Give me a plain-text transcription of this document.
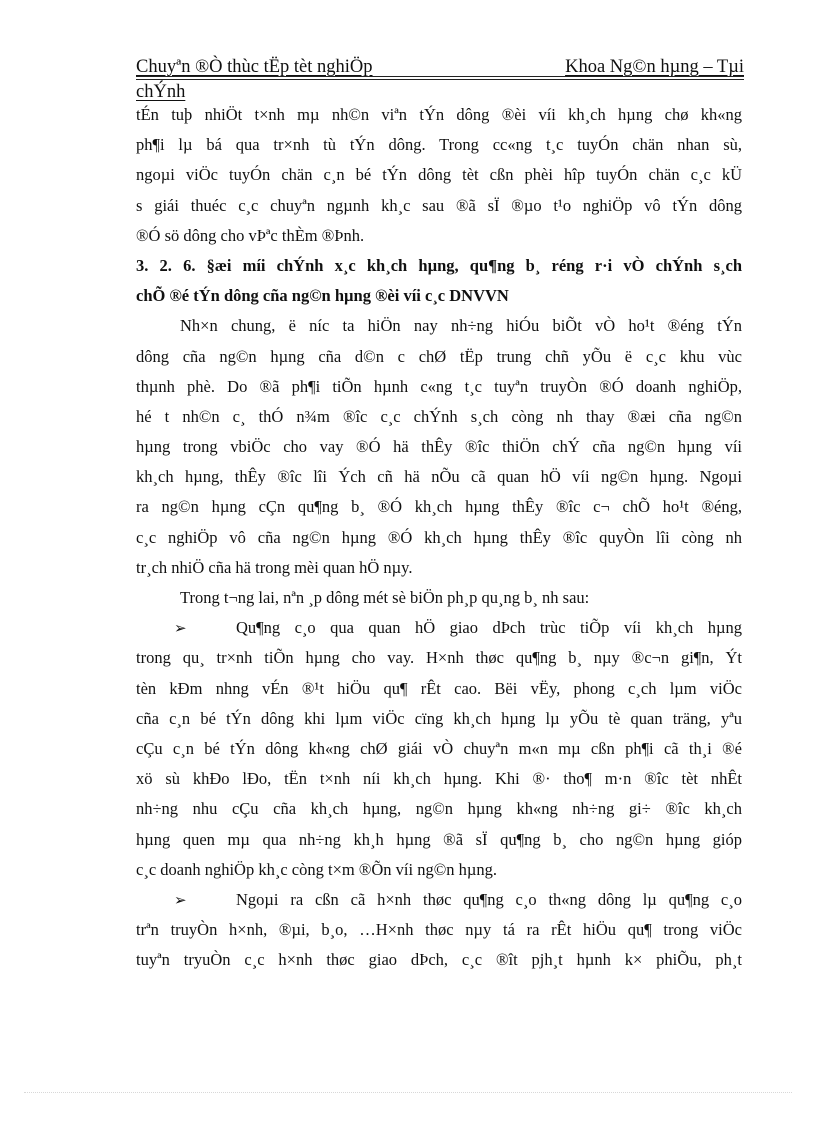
Chuyªn ®Ò thùc tËp tèt nghiÖp	Khoa Ng©n hµng – Tµi
chÝnh
tÉn tuþ nhiÖt t×nh mµ nh©n viªn tÝn dông ®èi víi kh¸ch hµng chø kh«ng
ph¶i lµ bá qua tr×nh tù tÝn dông. Trong cc«ng t¸c tuyÓn chän nhan sù,
ngoµi viÖc tuyÓn chän c¸n bé tÝn dông tèt cßn phèi hîp tuyÓn chän c¸c kÜ
s giái thuéc c¸c chuyªn ngµnh kh¸c sau ®ã sÏ ®µo t¹o nghiÖp vô tÝn dông
®Ó sö dông cho vÞªc thÈm ®Þnh.
3. 2. 6. §æi míi chÝnh x¸c kh¸ch hµng, qu¶ng b¸ réng r·i vÒ chÝnh s¸ch
chÕ ®é tÝn dông cña ng©n hµng ®èi víi c¸c DNVVN
Nh×n chung, ë níc ta hiÖn nay nh÷ng hiÓu biÕt vÒ ho¹t ®éng tÝn
dông cña ng©n hµng cña d©n c chØ tËp trung chñ yÕu ë c¸c khu vùc
thµnh phè. Do ®ã ph¶i tiÕn hµnh c«ng t¸c tuyªn truyÒn ®Ó doanh nghiÖp,
hé t nh©n c¸ thÓ n¾m ®îc c¸c chÝnh s¸ch còng nh thay ®æi cña ng©n
hµng trong vbiÖc cho vay ®Ó hä thÊy ®îc thiÖn chÝ cña ng©n hµng víi
kh¸ch hµng, thÊy ®îc lîi Ých cñ hä nÕu cã quan hÖ víi ng©n hµng. Ngoµi
ra ng©n hµng cÇn qu¶ng b¸ ®Ó kh¸ch hµng thÊy ®îc c¬ chÕ ho¹t ®éng,
c¸c nghiÖp vô cña ng©n hµng ®Ó kh¸ch hµng thÊy ®îc quyÒn lîi còng nh
tr¸ch nhiÖ cña hä trong mèi quan hÖ nµy.
Trong t¬ng lai, nªn ¸p dông mét sè biÖn ph¸p qu¸ng b¸ nh sau:
➢	Qu¶ng c¸o qua quan hÖ giao dÞch trùc tiÕp víi kh¸ch hµng
trong qu¸ tr×nh tiÕn hµng cho vay. H×nh thøc qu¶ng b¸ nµy ®c¬n gi¶n, Ýt
tèn kÐm nhng vÉn ®¹t hiÖu qu¶ rÊt cao. Bëi vËy, phong c¸ch lµm viÖc
cña c¸n bé tÝn dông khi lµm viÖc cïng kh¸ch hµng lµ yÕu tè quan träng, yªu
cÇu c¸n bé tÝn dông kh«ng chØ giái vÒ chuyªn m«n mµ cßn ph¶i cã th¸i ®é
xö sù khÐo lÐo, tËn t×nh níi kh¸ch hµng. Khi ®· tho¶ m·n ®îc tèt nhÊt
nh÷ng nhu cÇu cña kh¸ch hµng, ng©n hµng kh«ng nh÷ng gi÷ ®îc kh¸ch
hµng quen mµ qua nh÷ng kh¸h hµng ®ã sÏ qu¶ng b¸ cho ng©n hµng gióp
c¸c doanh nghiÖp kh¸c còng t×m ®Õn víi ng©n hµng.
➢	Ngoµi ra cßn cã h×nh thøc qu¶ng c¸o th«ng dông lµ qu¶ng c¸o
trªn truyÒn h×nh, ®µi, b¸o, …H×nh thøc nµy tá ra rÊt hiÖu qu¶ trong viÖc
tuyªn tryuÒn c¸c h×nh thøc giao dÞch, c¸c ®ît pjh¸t hµnh k× phiÕu, ph¸t
